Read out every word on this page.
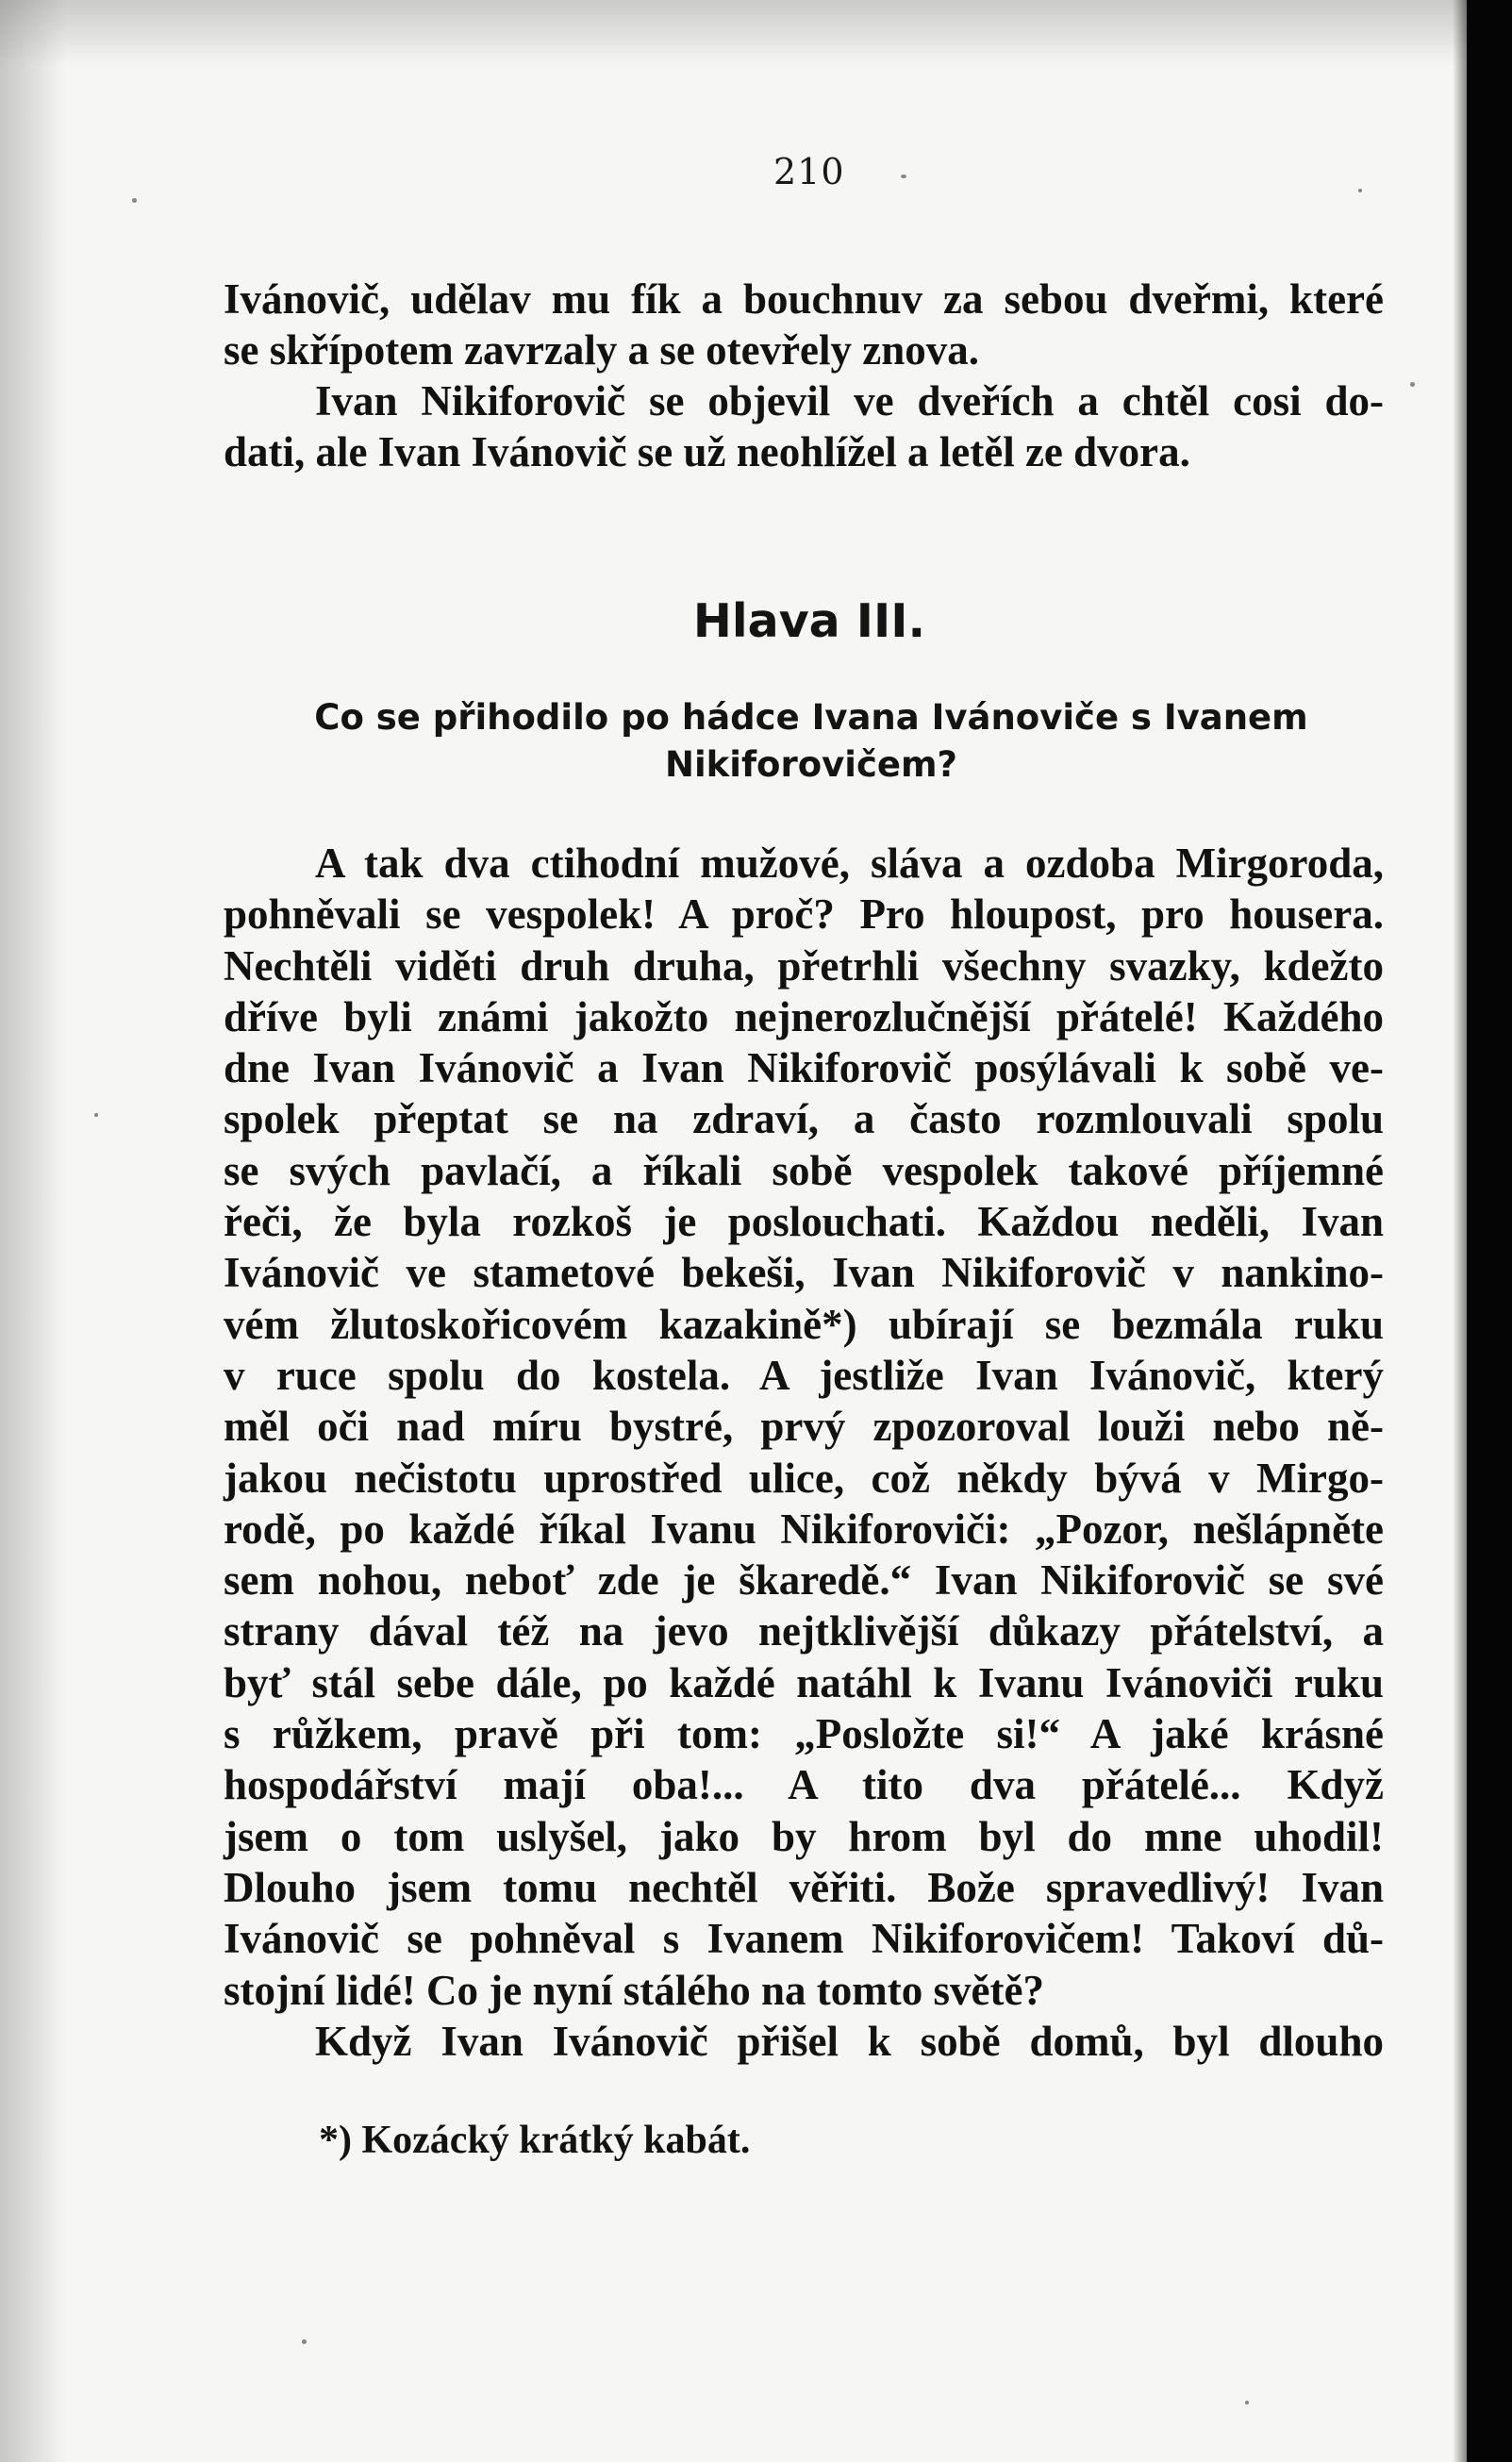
210
Ivánovič, udělav mu fík a bouchnuv za sebou dveřmi, které
se skřípotem zavrzaly a se otevřely znova.
Ivan Nikiforovič se objevil ve dveřích a chtěl cosi do-
dati, ale Ivan Ivánovič se už neohlížel a letěl ze dvora.
Hlava III.
Co se přihodilo po hádce Ivana Ivánoviče s Ivanem
Nikiforovičem?
A tak dva ctihodní mužové, sláva a ozdoba Mirgoroda,
pohněvali se vespolek! A proč? Pro hloupost, pro housera.
Nechtěli viděti druh druha, přetrhli všechny svazky, kdežto
dříve byli známi jakožto nejnerozlučnější přátelé! Každého
dne Ivan Ivánovič a Ivan Nikiforovič posýlávali k sobě ve-
spolek přeptat se na zdraví, a často rozmlouvali spolu
se svých pavlačí, a říkali sobě vespolek takové příjemné
řeči, že byla rozkoš je poslouchati. Každou neděli, Ivan
Ivánovič ve stametové bekeši, Ivan Nikiforovič v nankino-
vém žlutoskořicovém kazakině*) ubírají se bezmála ruku
v ruce spolu do kostela. A jestliže Ivan Ivánovič, který
měl oči nad míru bystré, prvý zpozoroval louži nebo ně-
jakou nečistotu uprostřed ulice, což někdy bývá v Mirgo-
rodě, po každé říkal Ivanu Nikiforoviči: „Pozor, nešlápněte
sem nohou, neboť zde je škaredě.“ Ivan Nikiforovič se své
strany dával též na jevo nejtklivější důkazy přátelství, a
byť stál sebe dále, po každé natáhl k Ivanu Ivánoviči ruku
s růžkem, pravě při tom: „Posložte si!“ A jaké krásné
hospodářství mají oba!... A tito dva přátelé... Když
jsem o tom uslyšel, jako by hrom byl do mne uhodil!
Dlouho jsem tomu nechtěl věřiti. Bože spravedlivý! Ivan
Ivánovič se pohněval s Ivanem Nikiforovičem! Takoví dů-
stojní lidé! Co je nyní stálého na tomto světě?
Když Ivan Ivánovič přišel k sobě domů, byl dlouho
*) Kozácký krátký kabát.
